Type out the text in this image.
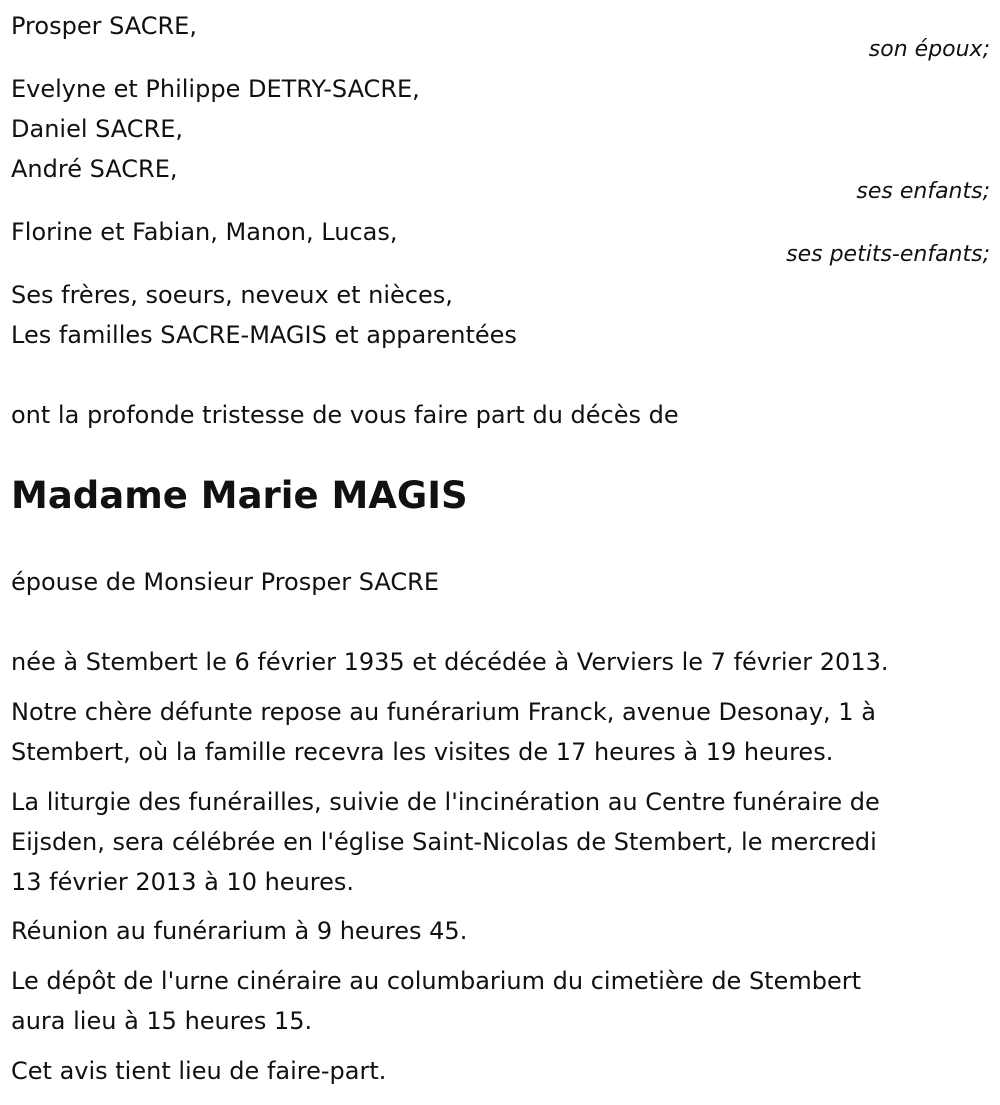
Prosper SACRE,

son époux;

Evelyne et Philippe DETRY-SACRE,

Daniel SACRE,

André SACRE,

ses enfants;

Florine et Fabian, Manon, Lucas,

ses petits-enfants;

Ses frères, soeurs, neveux et nièces,

Les familles SACRE-MAGIS et apparentées

ont la profonde tristesse de vous faire part du décès de

Madame Marie MAGIS

épouse de Monsieur Prosper SACRE

née à Stembert le 6 février 1935 et décédée à Verviers le 7 février 2013.

Notre chère défunte repose au funérarium Franck, avenue Desonay, 1 à

Stembert, où la famille recevra les visites de 17 heures à 19 heures.

La liturgie des funérailles, suivie de l'incinération au Centre funéraire de

Eijsden, sera célébrée en l'église Saint-Nicolas de Stembert, le mercredi

13 février 2013 à 10 heures.

Réunion au funérarium à 9 heures 45.

Le dépôt de l'urne cinéraire au columbarium du cimetière de Stembert

aura lieu à 15 heures 15.

Cet avis tient lieu de faire-part.
